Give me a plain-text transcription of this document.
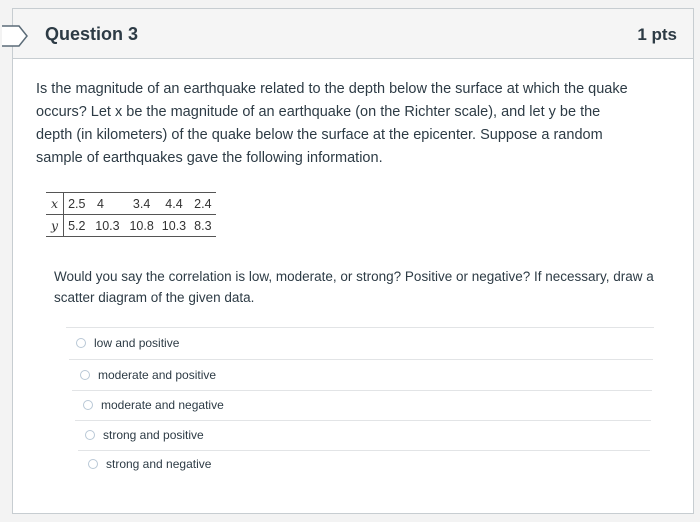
Question 3	1 pts
Is the magnitude of an earthquake related to the depth below the surface at which the quake occurs? Let x be the magnitude of an earthquake (on the Richter scale), and let y be the depth (in kilometers) of the quake below the surface at the epicenter. Suppose a random sample of earthquakes gave the following information.
x	2.5	4	3.4	4.4	2.4
y	5.2	10.3	10.8	10.3	8.3
Would you say the correlation is low, moderate, or strong? Positive or negative? If necessary, draw a scatter diagram of the given data.
low and positive
moderate and positive
moderate and negative
strong and positive
strong and negative
